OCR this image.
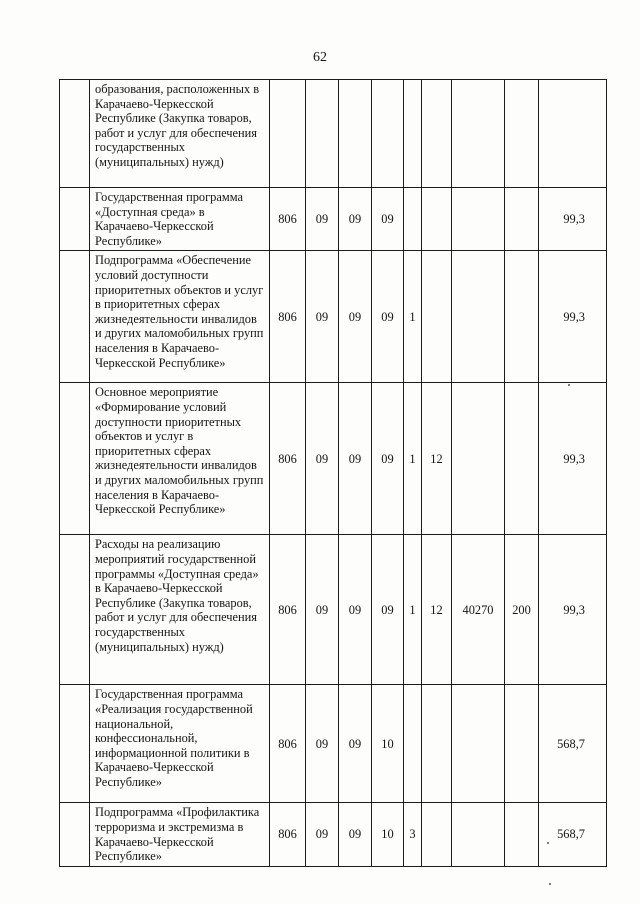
62
	образования, расположенных в Карачаево-Черкесской Республике (Закупка товаров, работ и услуг для обеспечения государственных (муниципальных) нужд)									
	Государственная программа «Доступная среда» в Карачаево-Черкесской Республике»	806	09	09	09					99,3
	Подпрограмма «Обеспечение условий доступности приоритетных объектов и услуг в приоритетных сферах жизнедеятельности инвалидов и других маломобильных групп населения в Карачаево-Черкесской Республике»	806	09	09	09	1				99,3
	Основное мероприятие «Формирование условий доступности приоритетных объектов и услуг в приоритетных сферах жизнедеятельности инвалидов и других маломобильных групп населения в Карачаево-Черкесской Республике»	806	09	09	09	1	12			99,3
	Расходы на реализацию мероприятий государственной программы «Доступная среда» в Карачаево-Черкесской Республике (Закупка товаров, работ и услуг для обеспечения государственных (муниципальных) нужд)	806	09	09	09	1	12	40270	200	99,3
	Государственная программа «Реализация государственной национальной, конфессиональной, информационной политики в Карачаево-Черкесской Республике»	806	09	09	10					568,7
	Подпрограмма «Профилактика терроризма и экстремизма в Карачаево-Черкесской Республике»	806	09	09	10	3				568,7
